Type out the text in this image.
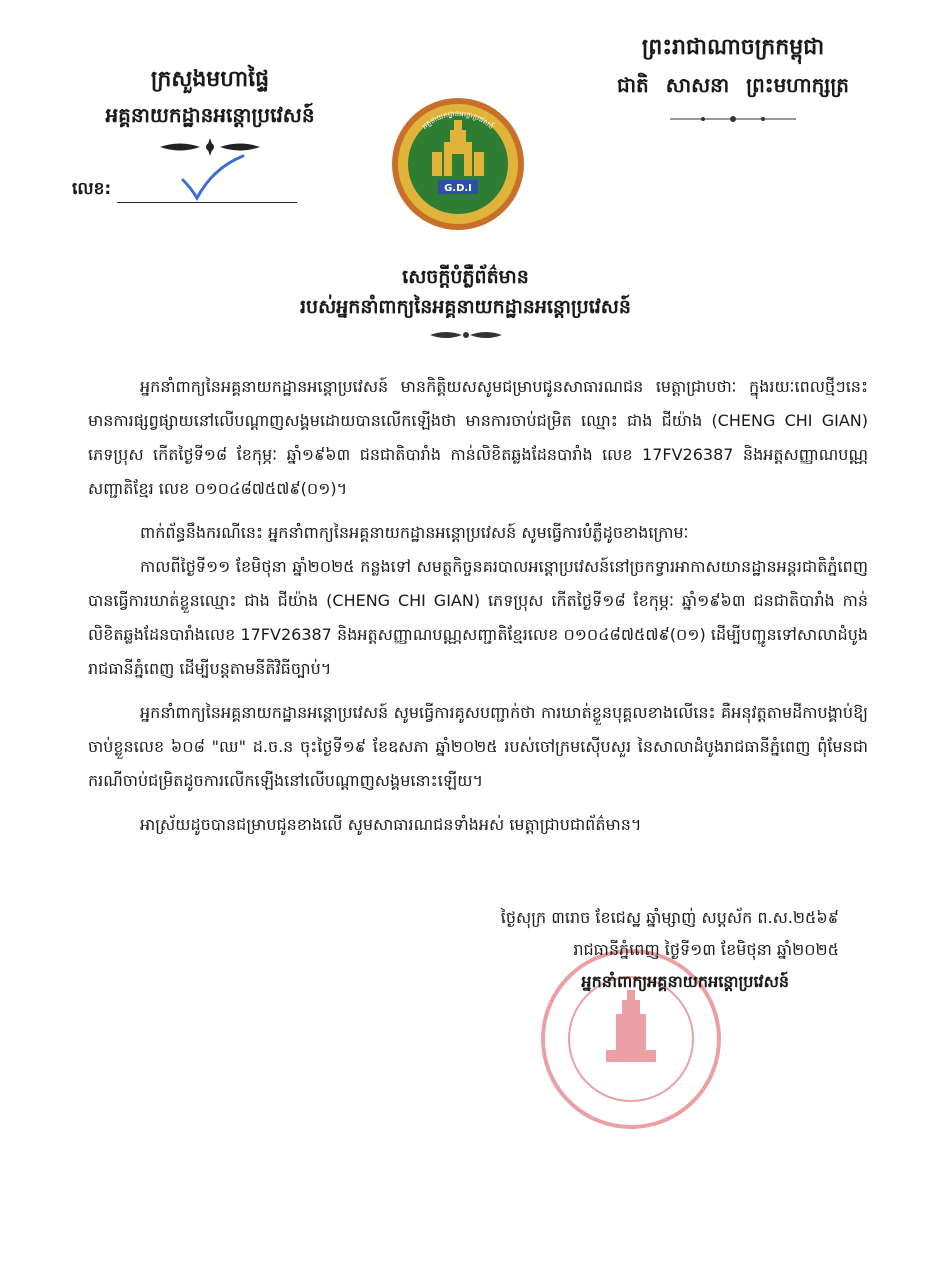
ក្រសួងមហាផ្ទៃ
អគ្គនាយកដ្ឋានអន្តោប្រវេសន៍
លេខ:
ព្រះរាជាណាចក្រកម្ពុជា
ជាតិ សាសនា ព្រះមហាក្សត្រ
អគ្គនាយកដ្ឋានអន្តោប្រវេសន៍
G.D.I
សេចក្ដីបំភ្លឺព័ត៌មាន
របស់អ្នកនាំពាក្យនៃអគ្គនាយកដ្ឋានអន្តោប្រវេសន៍

អ្នកនាំពាក្យនៃអគ្គនាយកដ្ឋានអន្តោប្រវេសន៍ មានកិត្តិយសសូមជម្រាបជូនសាធារណជន មេត្តាជ្រាបថាៈ ក្នុងរយៈពេលថ្មីៗនេះ មានការផ្សព្វផ្សាយនៅលើបណ្ដាញសង្គមដោយបានលើកឡើងថា មានការចាប់ជម្រិត ឈ្មោះ ជាង ជីយ៉ាង (CHENG CHI GIAN) ភេទប្រុស កើតថ្ងៃទី១៨ ខែកុម្ភៈ ឆ្នាំ១៩៦៣ ជនជាតិបារាំង កាន់លិខិតឆ្លងដែនបារាំង លេខ 17FV26387 និងអត្តសញ្ញាណបណ្ណសញ្ជាតិខ្មែរ លេខ ០១០៤៨៧៥៧៩(០១)។

ពាក់ព័ន្ធនឹងករណីនេះ អ្នកនាំពាក្យនៃអគ្គនាយកដ្ឋានអន្តោប្រវេសន៍ សូមធ្វើការបំភ្លឺដូចខាងក្រោមៈ

កាលពីថ្ងៃទី១១ ខែមិថុនា ឆ្នាំ២០២៥ កន្លងទៅ សមត្ថកិច្ចនគរបាលអន្តោប្រវេសន៍នៅច្រកទ្វារអាកាសយានដ្ឋានអន្តរជាតិភ្នំពេញ បានធ្វើការឃាត់ខ្លួនឈ្មោះ ជាង ជីយ៉ាង (CHENG CHI GIAN) ភេទប្រុស កើតថ្ងៃទី១៨ ខែកុម្ភៈ ឆ្នាំ១៩៦៣ ជនជាតិបារាំង កាន់លិខិតឆ្លងដែនបារាំងលេខ 17FV26387 និងអត្តសញ្ញាណបណ្ណសញ្ជាតិខ្មែរលេខ ០១០៤៨៧៥៧៩(០១) ដើម្បីបញ្ជូនទៅសាលាដំបូងរាជធានីភ្នំពេញ ដើម្បីបន្តតាមនីតិវិធីច្បាប់។

អ្នកនាំពាក្យនៃអគ្គនាយកដ្ឋានអន្តោប្រវេសន៍ សូមធ្វើការគូសបញ្ជាក់ថា ការឃាត់ខ្លួនបុគ្គលខាងលើនេះ គឺអនុវត្តតាមដីកាបង្គាប់ឱ្យចាប់ខ្លួនលេខ ៦០៨ "ឈ" ដ.ច.ន ចុះថ្ងៃទី១៩ ខែឧសភា ឆ្នាំ២០២៥ របស់ចៅក្រមស៊ើបសួរ នៃសាលាដំបូងរាជធានីភ្នំពេញ ពុំមែនជាករណីចាប់ជម្រិតដូចការលើកឡើងនៅលើបណ្ដាញសង្គមនោះឡើយ។

អាស្រ័យដូចបានជម្រាបជូនខាងលើ សូមសាធារណជនទាំងអស់ មេត្តាជ្រាបជាព័ត៌មាន។

ថ្ងៃសុក្រ ៣រោច ខែជេស្ឋ ឆ្នាំម្សាញ់ សប្តស័ក ព.ស.២៥៦៩
រាជធានីភ្នំពេញ ថ្ងៃទី១៣ ខែមិថុនា ឆ្នាំ២០២៥
អ្នកនាំពាក្យអគ្គនាយកអន្តោប្រវេសន៍
